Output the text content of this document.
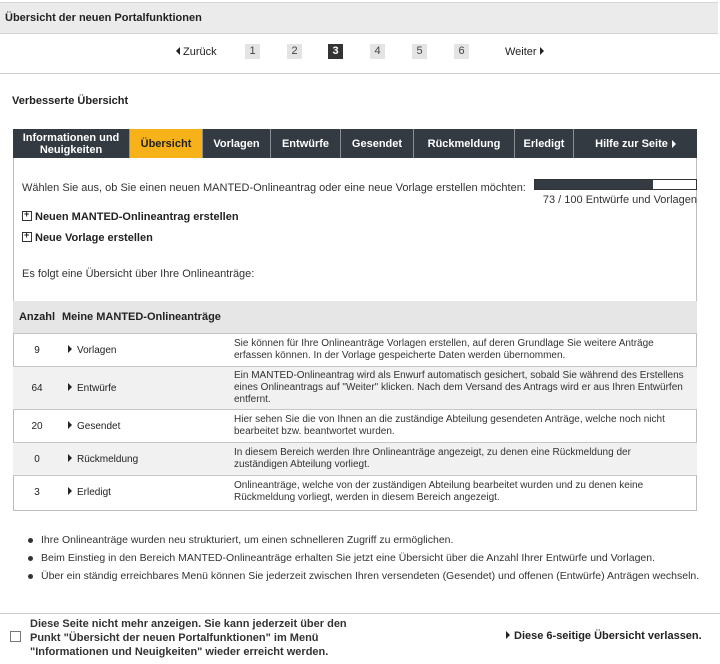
Übersicht der neuen Portalfunktionen
Zurück	1	2	3	4	5	6	Weiter
Verbesserte Übersicht
Informationen und Neuigkeiten	Übersicht Vorlagen Entwürfe Gesendet Rückmeldung Erledigt	Hilfe zur Seite
Wählen Sie aus, ob Sie einen neuen MANTED-Onlineantrag oder eine neue Vorlage erstellen möchten:
73 / 100 Entwürfe und Vorlagen
+Neuen MANTED-Onlineantrag erstellen
+Neue Vorlage erstellen
Es folgt eine Übersicht über Ihre Onlineanträge:
Anzahl	Meine MANTED-Onlineanträge	
9	Vorlagen	Sie können für Ihre Onlineanträge Vorlagen erstellen, auf deren Grundlage Sie weitere Anträge erfassen können. In der Vorlage gespeicherte Daten werden übernommen.
64	Entwürfe	Ein MANTED-Onlineantrag wird als Enwurf automatisch gesichert, sobald Sie während des Erstellens eines Onlineantrags auf "Weiter" klicken. Nach dem Versand des Antrags wird er aus Ihren Entwürfen entfernt.
20	Gesendet	Hier sehen Sie die von Ihnen an die zuständige Abteilung gesendeten Anträge, welche noch nicht bearbeitet bzw. beantwortet wurden.
0	Rückmeldung	In diesem Bereich werden Ihre Onlineanträge angezeigt, zu denen eine Rückmeldung der zuständigen Abteilung vorliegt.
3	Erledigt	Onlineanträge, welche von der zuständigen Abteilung bearbeitet wurden und zu denen keine Rückmeldung vorliegt, werden in diesem Bereich angezeigt.
Ihre Onlineanträge wurden neu strukturiert, um einen schnelleren Zugriff zu ermöglichen.
Beim Einstieg in den Bereich MANTED-Onlineanträge erhalten Sie jetzt eine Übersicht über die Anzahl Ihrer Entwürfe und Vorlagen.
Über ein ständig erreichbares Menü können Sie jederzeit zwischen Ihren versendeten (Gesendet) und offenen (Entwürfe) Anträgen wechseln.
Diese Seite nicht mehr anzeigen. Sie kann jederzeit über den Punkt "Übersicht der neuen Portalfunktionen" im Menü "Informationen und Neuigkeiten" wieder erreicht werden.
Diese 6-seitige Übersicht verlassen.
